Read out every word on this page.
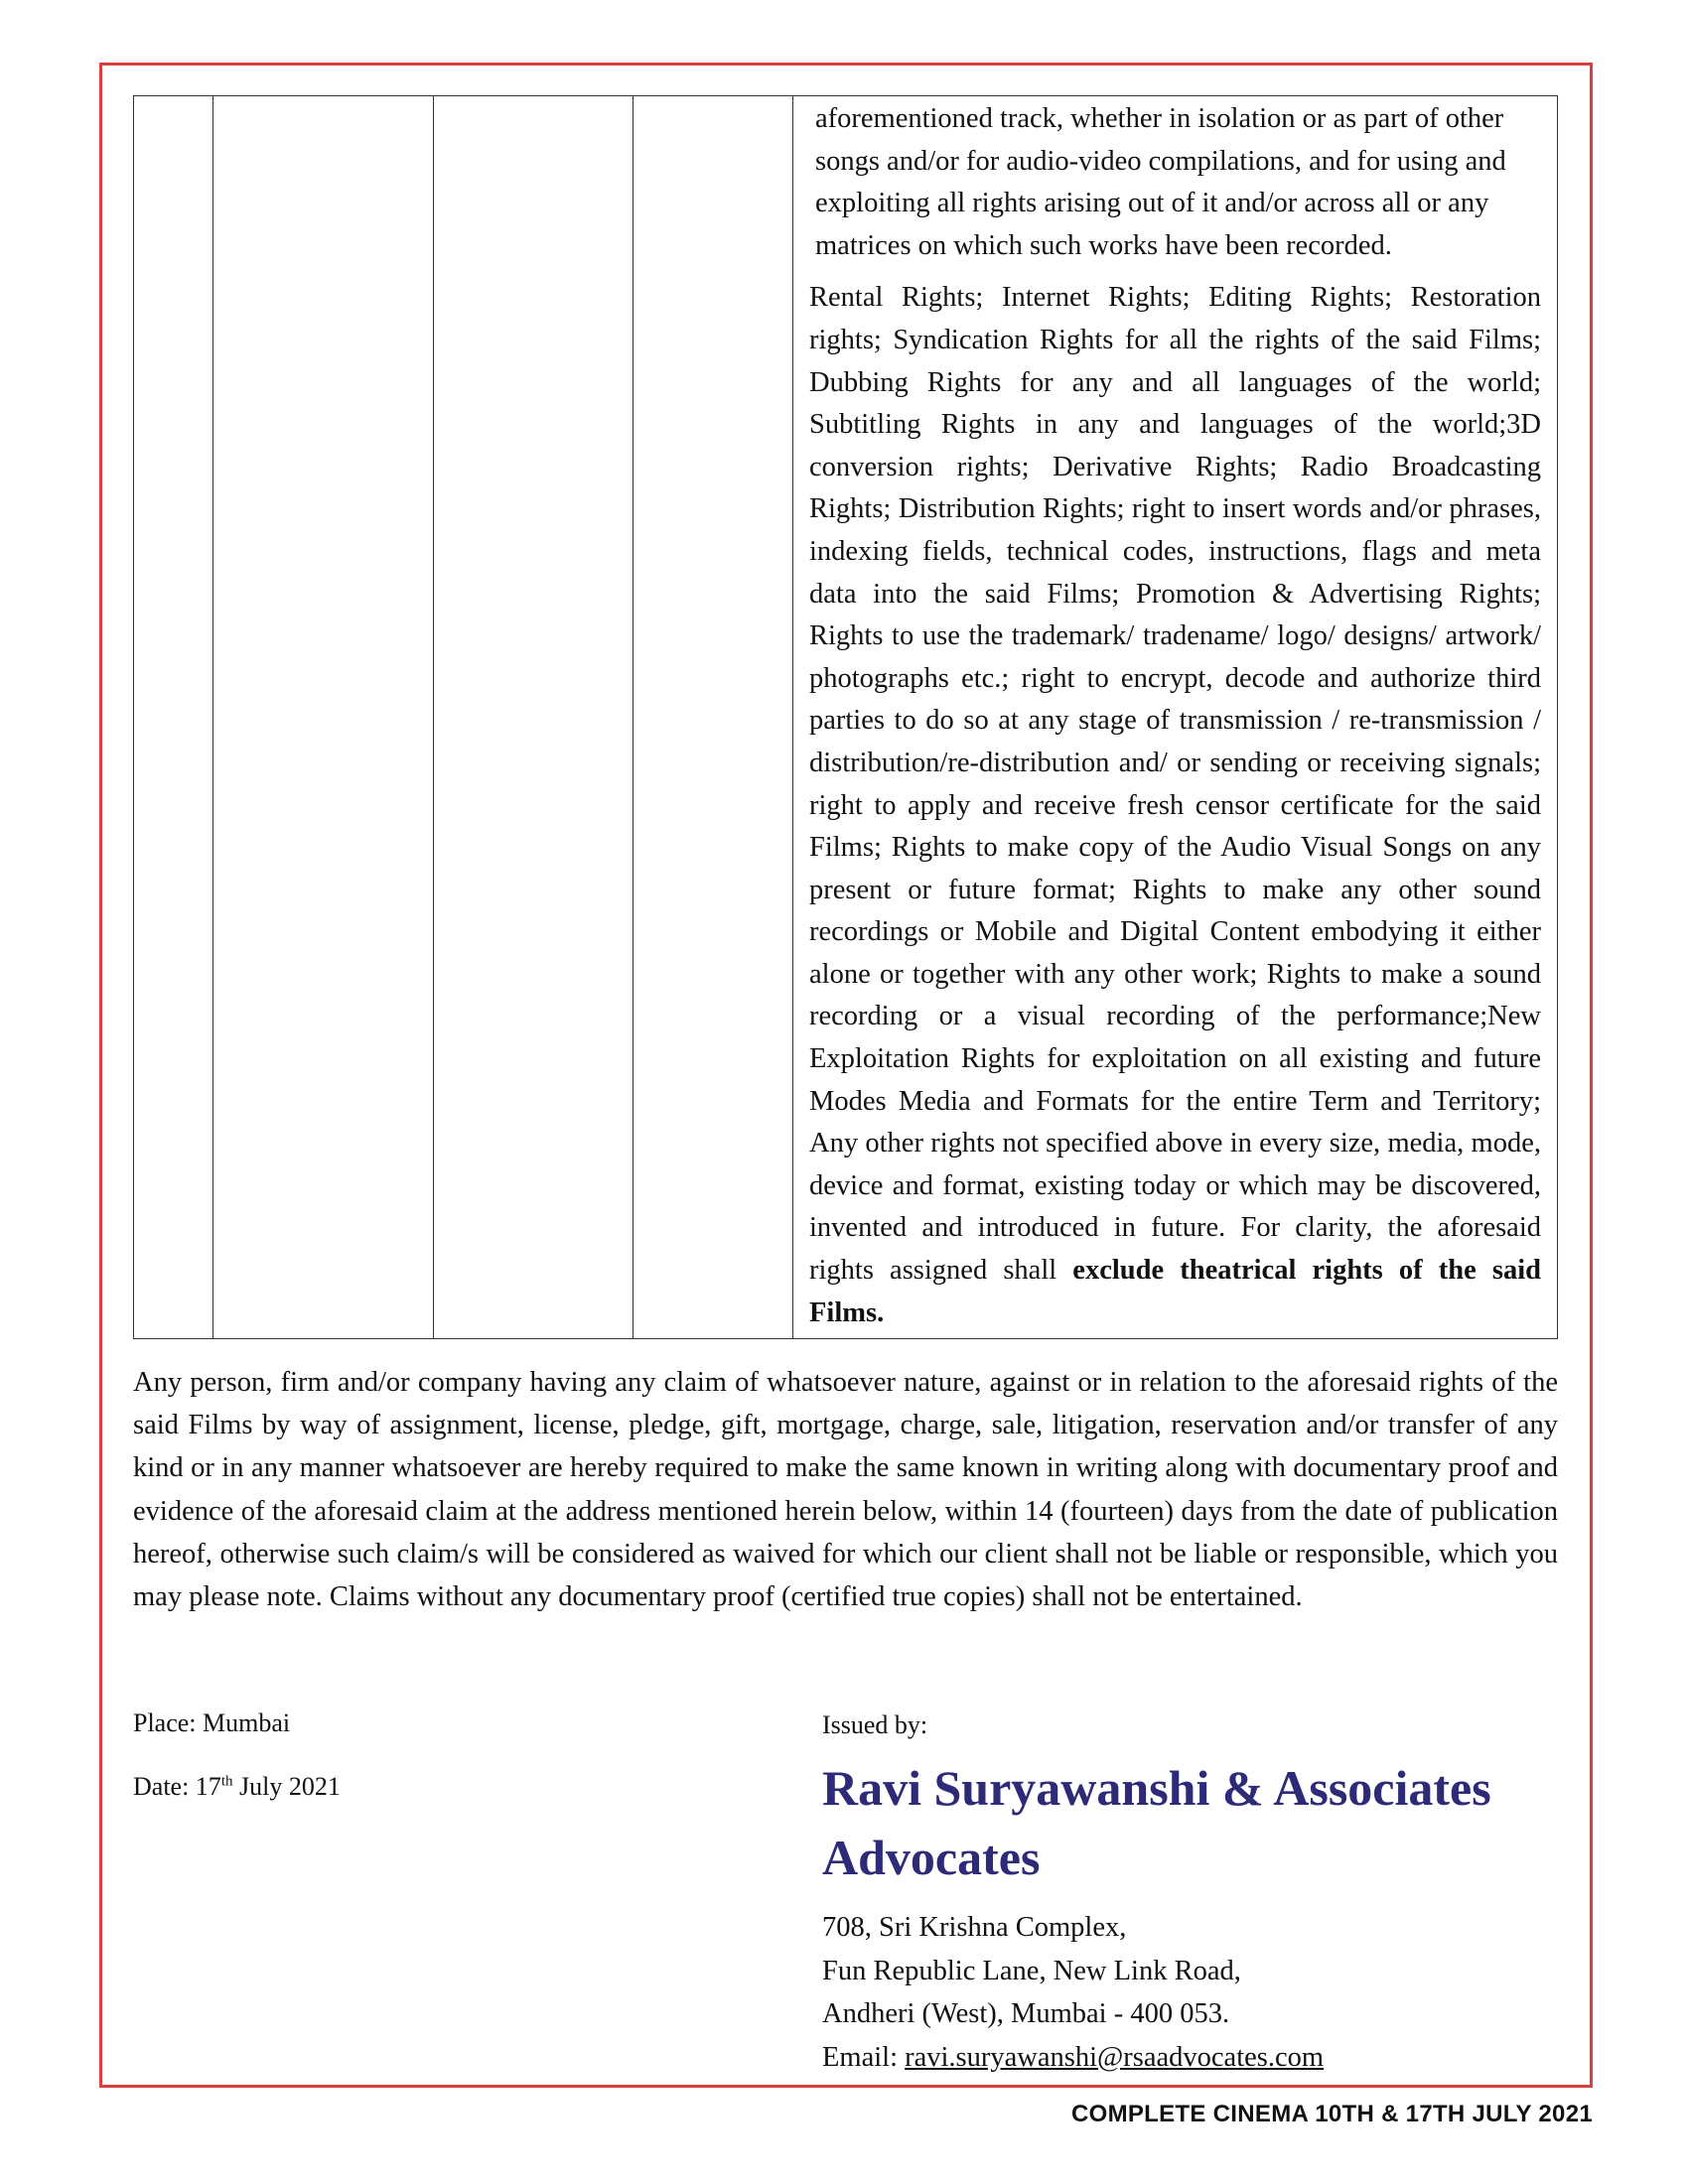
aforementioned track, whether in isolation or as part of other songs and/or for audio-video compilations, and for using and exploiting all rights arising out of it and/or across all or any matrices on which such works have been recorded.

Rental Rights; Internet Rights; Editing Rights; Restoration rights; Syndication Rights for all the rights of the said Films; Dubbing Rights for any and all languages of the world; Subtitling Rights in any and languages of the world;3D conversion rights; Derivative Rights; Radio Broadcasting Rights; Distribution Rights; right to insert words and/or phrases, indexing fields, technical codes, instructions, flags and meta data into the said Films; Promotion & Advertising Rights; Rights to use the trademark/ tradename/ logo/ designs/ artwork/ photographs etc.; right to encrypt, decode and authorize third parties to do so at any stage of transmission / re-transmission / distribution/re-distribution and/ or sending or receiving signals; right to apply and receive fresh censor certificate for the said Films; Rights to make copy of the Audio Visual Songs on any present or future format; Rights to make any other sound recordings or Mobile and Digital Content embodying it either alone or together with any other work; Rights to make a sound recording or a visual recording of the performance;New Exploitation Rights for exploitation on all existing and future Modes Media and Formats for the entire Term and Territory; Any other rights not specified above in every size, media, mode, device and format, existing today or which may be discovered, invented and introduced in future. For clarity, the aforesaid rights assigned shall exclude theatrical rights of the said Films.

Any person, firm and/or company having any claim of whatsoever nature, against or in relation to the aforesaid rights of the said Films by way of assignment, license, pledge, gift, mortgage, charge, sale, litigation, reservation and/or transfer of any kind or in any manner whatsoever are hereby required to make the same known in writing along with documentary proof and evidence of the aforesaid claim at the address mentioned herein below, within 14 (fourteen) days from the date of publication hereof, otherwise such claim/s will be considered as waived for which our client shall not be liable or responsible, which you may please note. Claims without any documentary proof (certified true copies) shall not be entertained.

Place: Mumbai

Date: 17th July 2021

Issued by:

Ravi Suryawanshi & Associates

Advocates

708, Sri Krishna Complex,

Fun Republic Lane, New Link Road,

Andheri (West), Mumbai - 400 053.

Email: ravi.suryawanshi@rsaadvocates.com

COMPLETE CINEMA 10TH & 17TH JULY 2021
